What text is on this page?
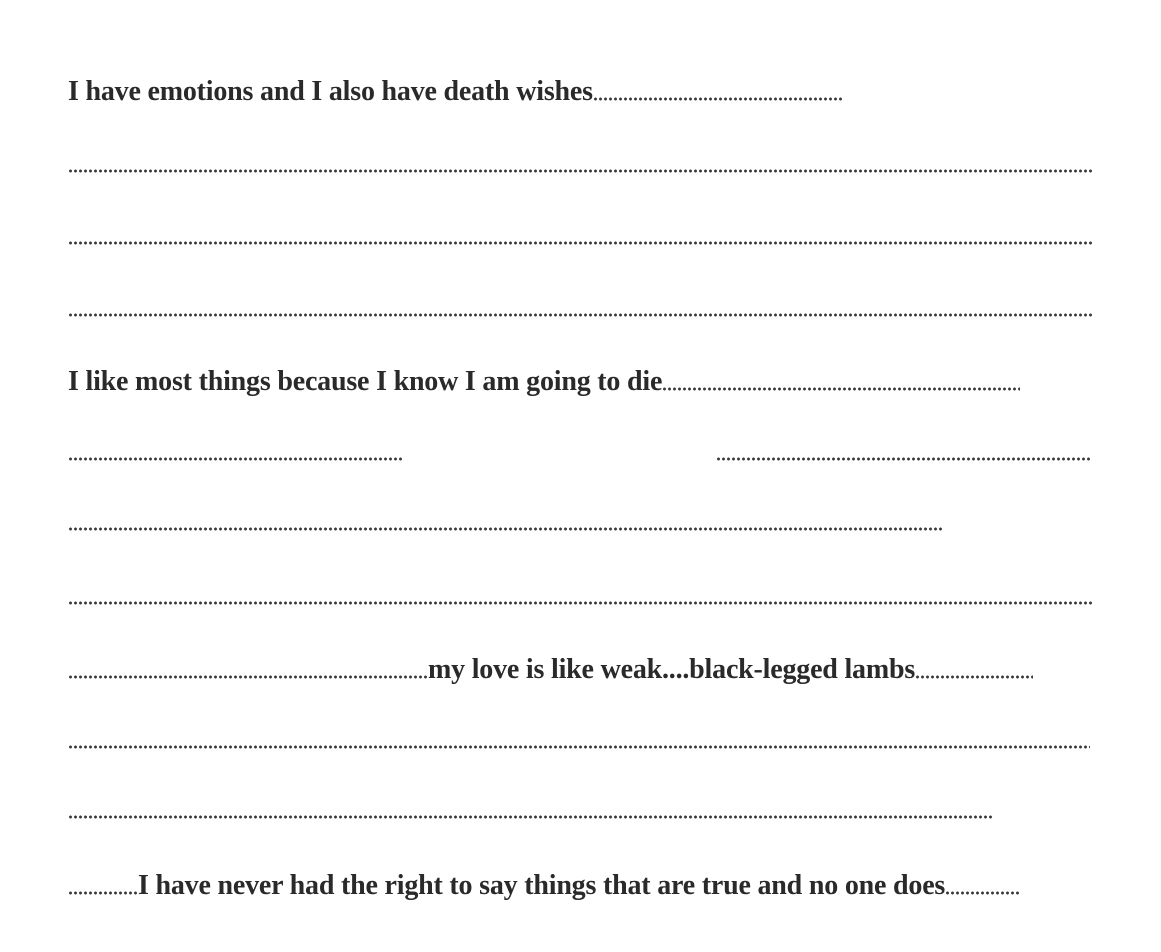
I have emotions and I also have death wishes
I like most things because I know I am going to die
my love is like weak....black-legged lambs
I have never had the right to say things that are true and no one does
